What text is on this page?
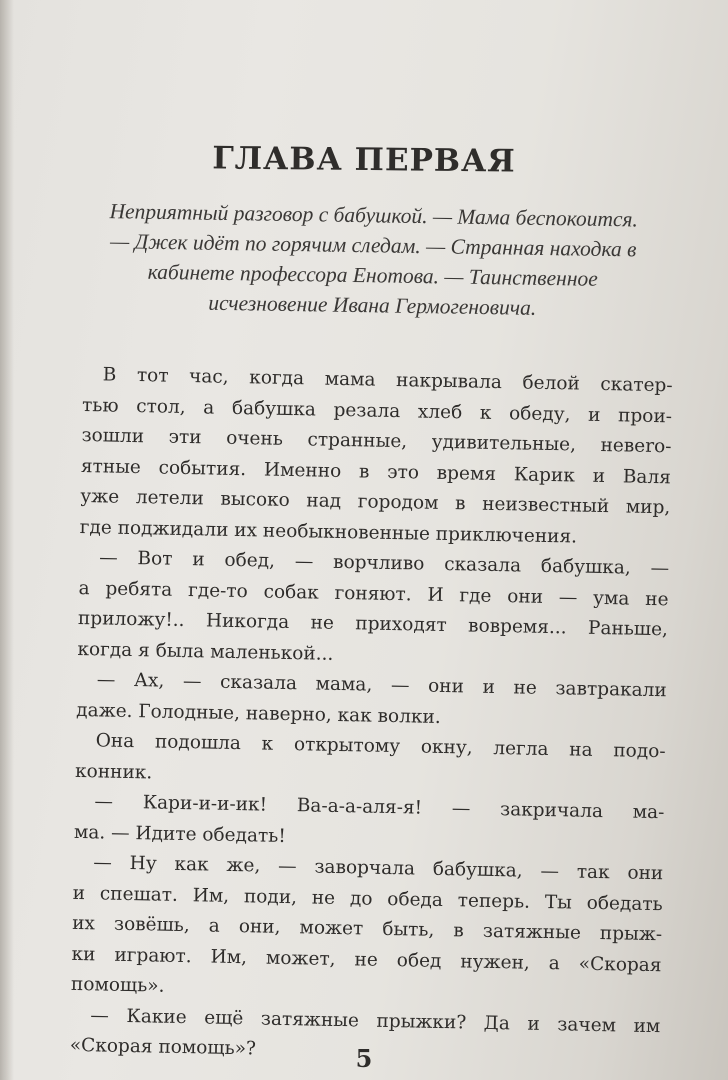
ГЛАВА ПЕРВАЯ

Неприятный разговор с бабушкой. — Мама беспокоится. — Джек идёт по горячим следам. — Странная находка в кабинете профессора Енотова. — Таинственное исчезновение Ивана Гермогеновича.

В тот час, когда мама накрывала белой скатер-
тью стол, а бабушка резала хлеб к обеду, и прои-
зошли эти очень странные, удивительные, невero-
ятные события. Именно в это время Карик и Валя
уже летели высоко над городом в неизвестный мир,
где поджидали их необыкновенные приключения.
— Вот и обед, — ворчливо сказала бабушка, —
а ребята где-то собак гоняют. И где они — ума не
приложу!.. Никогда не приходят вовремя... Раньше,
когда я была маленькой...
— Ах, — сказала мама, — они и не завтракали
даже. Голодные, наверно, как волки.
Она подошла к открытому окну, легла на подо-
конник.
— Кари-и-и-ик! Ва-а-а-аля-я! — закричала ма-
ма. — Идите обедать!
— Ну как же, — заворчала бабушка, — так они
и спешат. Им, поди, не до обеда теперь. Ты обедать
их зовёшь, а они, может быть, в затяжные прыж-
ки играют. Им, может, не обед нужен, а «Скорая
помощь».
— Какие ещё затяжные прыжки? Да и зачем им
«Скорая помощь»?	5
